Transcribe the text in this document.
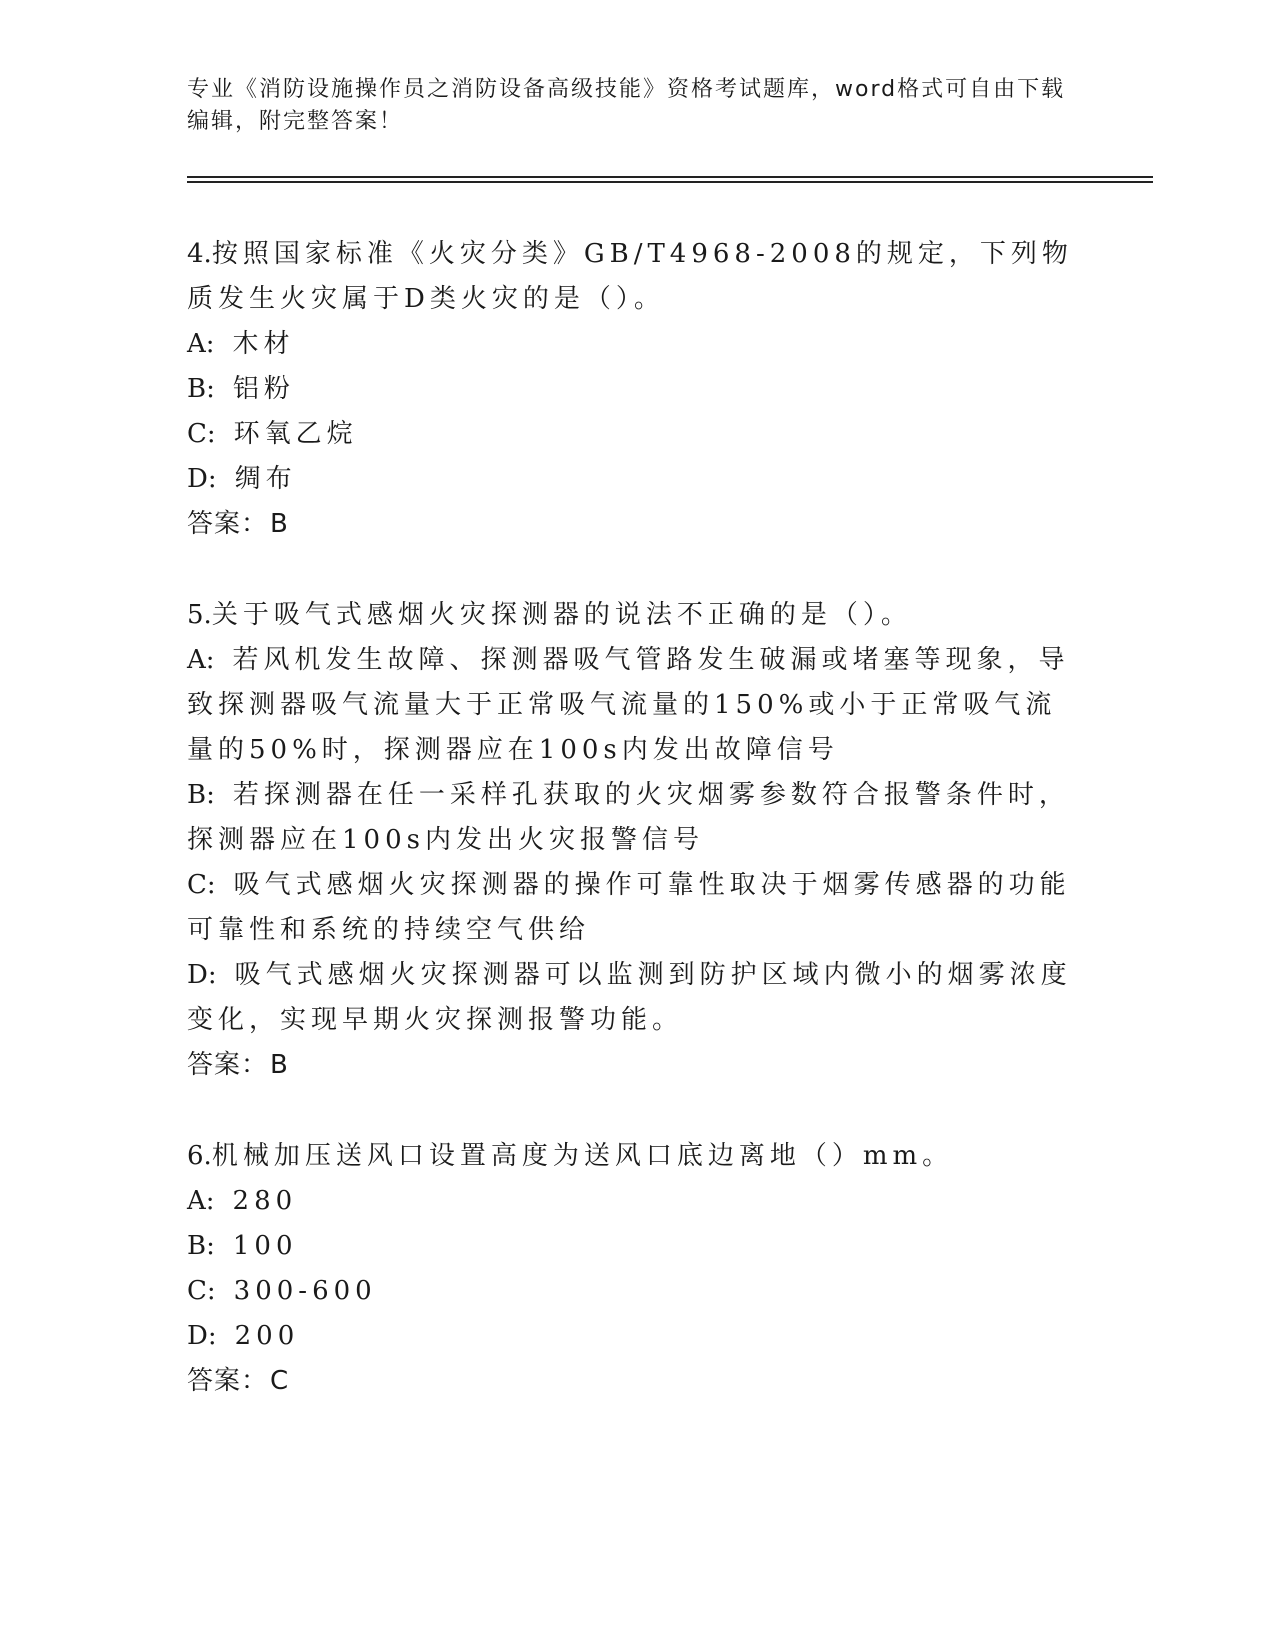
专业《消防设施操作员之消防设备高级技能》资格考试题库，word格式可自由下载编辑，附完整答案！
4.按照国家标准《火灾分类》GB/T4968-2008的规定，下列物质发生火灾属于D类火灾的是（）。
A: 木材
B: 铝粉
C: 环氧乙烷
D: 绸布
答案：B
5.关于吸气式感烟火灾探测器的说法不正确的是（）。
A: 若风机发生故障、探测器吸气管路发生破漏或堵塞等现象，导致探测器吸气流量大于正常吸气流量的150%或小于正常吸气流量的50%时，探测器应在100s内发出故障信号
B: 若探测器在任一采样孔获取的火灾烟雾参数符合报警条件时，探测器应在100s内发出火灾报警信号
C: 吸气式感烟火灾探测器的操作可靠性取决于烟雾传感器的功能可靠性和系统的持续空气供给
D: 吸气式感烟火灾探测器可以监测到防护区域内微小的烟雾浓度变化，实现早期火灾探测报警功能。
答案：B
6.机械加压送风口设置高度为送风口底边离地（）mm。
A: 280
B: 100
C: 300-600
D: 200
答案：C
